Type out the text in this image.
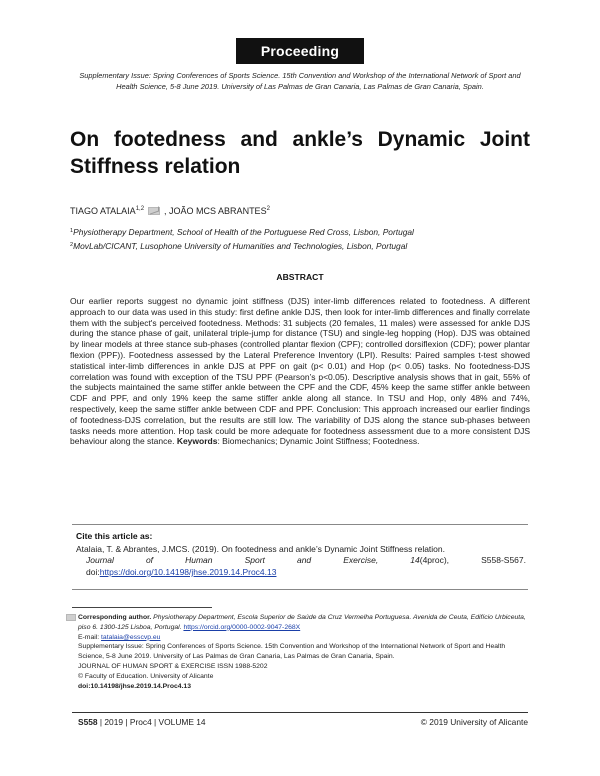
Proceeding
Supplementary Issue: Spring Conferences of Sports Science. 15th Convention and Workshop of the International Network of Sport and Health Science, 5-8 June 2019. University of Las Palmas de Gran Canaria, Las Palmas de Gran Canaria, Spain.
On footedness and ankle’s Dynamic Joint Stiffness relation
TIAGO ATALAIA$^{1,2}$ , JOÃO MCS ABRANTES$^2$
$^1$Physiotherapy Department, School of Health of the Portuguese Red Cross, Lisbon, Portugal
$^2$MovLab/CICANT, Lusophone University of Humanities and Technologies, Lisbon, Portugal
ABSTRACT

Our earlier reports suggest no dynamic joint stiffness (DJS) inter-limb differences related to footedness. A different approach to our data was used in this study: first define ankle DJS, then look for inter-limb differences and finally correlate them with the subject's perceived footedness. Methods: 31 subjects (20 females, 11 males) were assessed for ankle DJS during the stance phase of gait, unilateral triple-jump for distance (TSU) and single-leg hopping (Hop). DJS was obtained by linear models at three stance sub-phases (controlled plantar flexion (CPF); controlled dorsiflexion (CDF); power plantar flexion (PPF)). Footedness assessed by the Lateral Preference Inventory (LPI). Results: Paired samples t-test showed statistical inter-limb differences in ankle DJS at PPF on gait (p< 0.01) and Hop (p< 0.05) tasks. No footedness-DJS correlation was found with exception of the TSU PPF (Pearson’s p<0.05). Descriptive analysis shows that in gait, 55% of the subjects maintained the same stiffer ankle between the CPF and the CDF, 45% keep the same stiffer ankle between CDF and PPF, and only 19% keep the same stiffer ankle along all stance. In TSU and Hop, only 48% and 74%, respectively, keep the same stiffer ankle between CDF and PPF. Conclusion: This approach increased our earlier findings of footedness-DJS correlation, but the results are still low. The variability of DJS along the stance sub-phases between tasks needs more attention. Hop task could be more adequate for footedness assessment due to a more consistent DJS behaviour along the stance. Keywords: Biomechanics; Dynamic Joint Stiffness; Footedness.

Cite this article as:
Atalaia, T. & Abrantes, J.MCS. (2019). On footedness and ankle’s Dynamic Joint Stiffness relation.
Journal of Human Sport and Exercise,	14(4proc), S558-S567.
doi:https://doi.org/10.14198/jhse.2019.14.Proc4.13
Corresponding author. Physiotherapy Department, Escola Superior de Saúde da Cruz Vermelha Portuguesa. Avenida de Ceuta, Edifício Urbiceuta, piso 6. 1300-125 Lisboa, Portugal. https://orcid.org/0000-0002-9047-268X
E-mail: tatalaia@esscvp.eu
Supplementary Issue: Spring Conferences of Sports Science. 15th Convention and Workshop of the International Network of Sport and Health Science, 5-8 June 2019. University of Las Palmas de Gran Canaria, Las Palmas de Gran Canaria, Spain.
JOURNAL OF HUMAN SPORT & EXERCISE ISSN 1988-5202
© Faculty of Education. University of Alicante
doi:10.14198/jhse.2019.14.Proc4.13
S558 | 2019 | Proc4 | VOLUME 14	© 2019 University of Alicante
